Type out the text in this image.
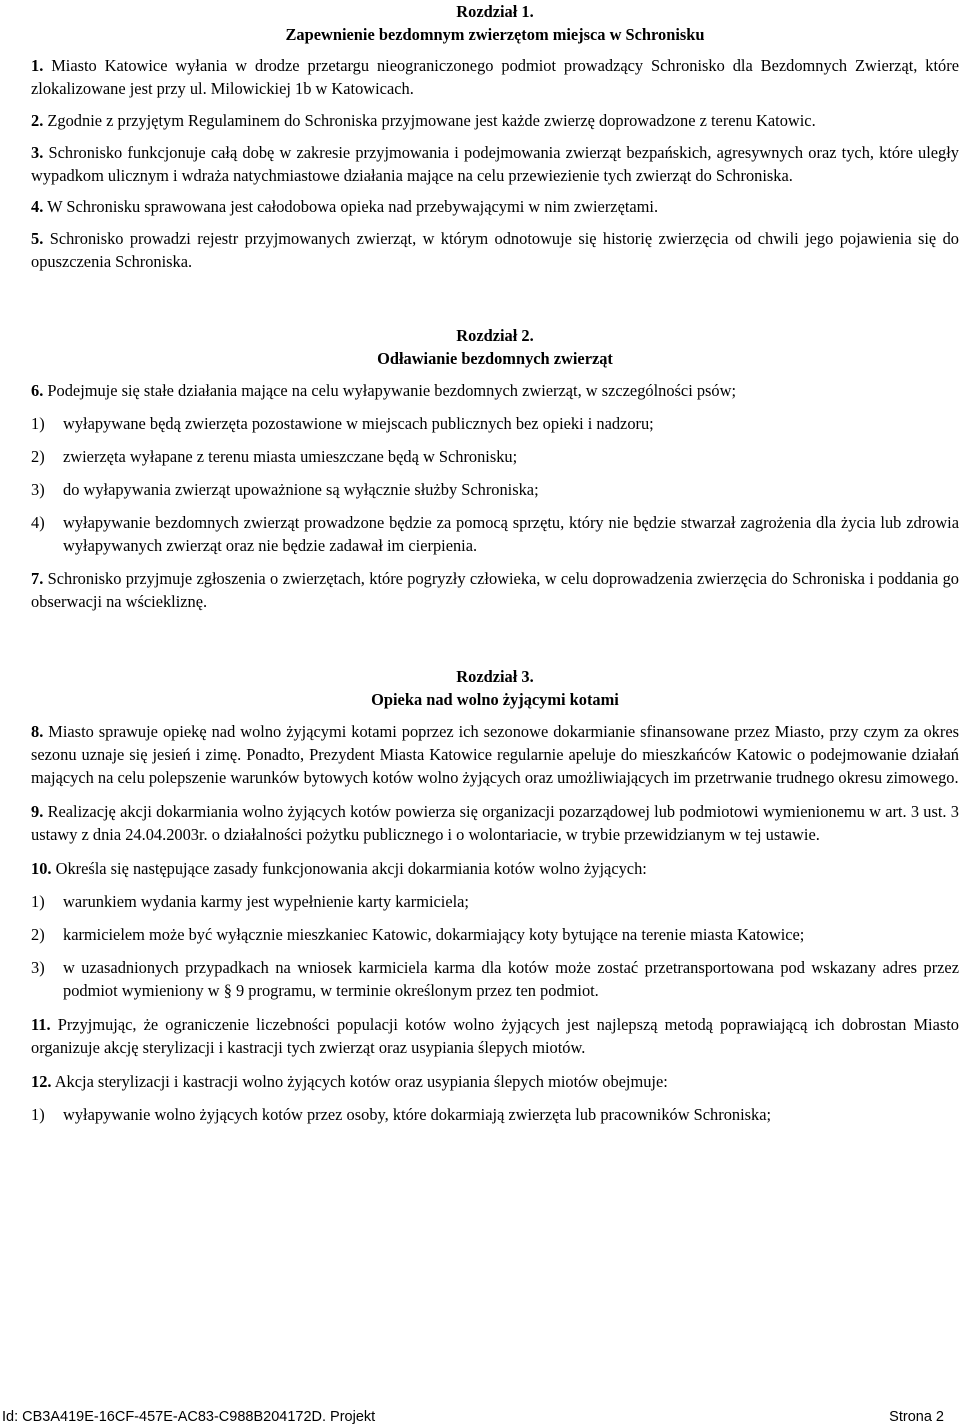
Rozdział 1.
Zapewnienie bezdomnym zwierzętom miejsca w Schronisku

1. Miasto Katowice wyłania w drodze przetargu nieograniczonego podmiot prowadzący Schronisko dla Bezdomnych Zwierząt, które zlokalizowane jest przy ul. Milowickiej 1b w Katowicach.

2. Zgodnie z przyjętym Regulaminem do Schroniska przyjmowane jest każde zwierzę doprowadzone z terenu Katowic.

3. Schronisko funkcjonuje całą dobę w zakresie przyjmowania i podejmowania zwierząt bezpańskich, agresywnych oraz tych, które uległy wypadkom ulicznym i wdraża natychmiastowe działania mające na celu przewiezienie tych zwierząt do Schroniska.

4. W Schronisku sprawowana jest całodobowa opieka nad przebywającymi w nim zwierzętami.

5. Schronisko prowadzi rejestr przyjmowanych zwierząt, w którym odnotowuje się historię zwierzęcia od chwili jego pojawienia się do opuszczenia Schroniska.

Rozdział 2.
Odławianie bezdomnych zwierząt

6. Podejmuje się stałe działania mające na celu wyłapywanie bezdomnych zwierząt, w szczególności psów;

1) wyłapywane będą zwierzęta pozostawione w miejscach publicznych bez opieki i nadzoru;

2) zwierzęta wyłapane z terenu miasta umieszczane będą w Schronisku;

3) do wyłapywania zwierząt upoważnione są wyłącznie służby Schroniska;

4) wyłapywanie bezdomnych zwierząt prowadzone będzie za pomocą sprzętu, który nie będzie stwarzał zagrożenia dla życia lub zdrowia wyłapywanych zwierząt oraz nie będzie zadawał im cierpienia.

7. Schronisko przyjmuje zgłoszenia o zwierzętach, które pogryzły człowieka, w celu doprowadzenia zwierzęcia do Schroniska i poddania go obserwacji na wściekliznę.

Rozdział 3.
Opieka nad wolno żyjącymi kotami

8. Miasto sprawuje opiekę nad wolno żyjącymi kotami poprzez ich sezonowe dokarmianie sfinansowane przez Miasto, przy czym za okres sezonu uznaje się jesień i zimę. Ponadto, Prezydent Miasta Katowice regularnie apeluje do mieszkańców Katowic o podejmowanie działań mających na celu polepszenie warunków bytowych kotów wolno żyjących oraz umożliwiających im przetrwanie trudnego okresu zimowego.

9. Realizację akcji dokarmiania wolno żyjących kotów powierza się organizacji pozarządowej lub podmiotowi wymienionemu w art. 3 ust. 3 ustawy z dnia 24.04.2003r. o działalności pożytku publicznego i o wolontariacie, w trybie przewidzianym w tej ustawie.

10. Określa się następujące zasady funkcjonowania akcji dokarmiania kotów wolno żyjących:

1) warunkiem wydania karmy jest wypełnienie karty karmiciela;

2) karmicielem może być wyłącznie mieszkaniec Katowic, dokarmiający koty bytujące na terenie miasta Katowice;

3) w uzasadnionych przypadkach na wniosek karmiciela karma dla kotów może zostać przetransportowana pod wskazany adres przez podmiot wymieniony w § 9 programu, w terminie określonym przez ten podmiot.

11. Przyjmując, że ograniczenie liczebności populacji kotów wolno żyjących jest najlepszą metodą poprawiającą ich dobrostan Miasto organizuje akcję sterylizacji i kastracji tych zwierząt oraz usypiania ślepych miotów.

12. Akcja sterylizacji i kastracji wolno żyjących kotów oraz usypiania ślepych miotów obejmuje:

1) wyłapywanie wolno żyjących kotów przez osoby, które dokarmiają zwierzęta lub pracowników Schroniska;

Id: CB3A419E-16CF-457E-AC83-C988B204172D. Projekt	Strona 2
